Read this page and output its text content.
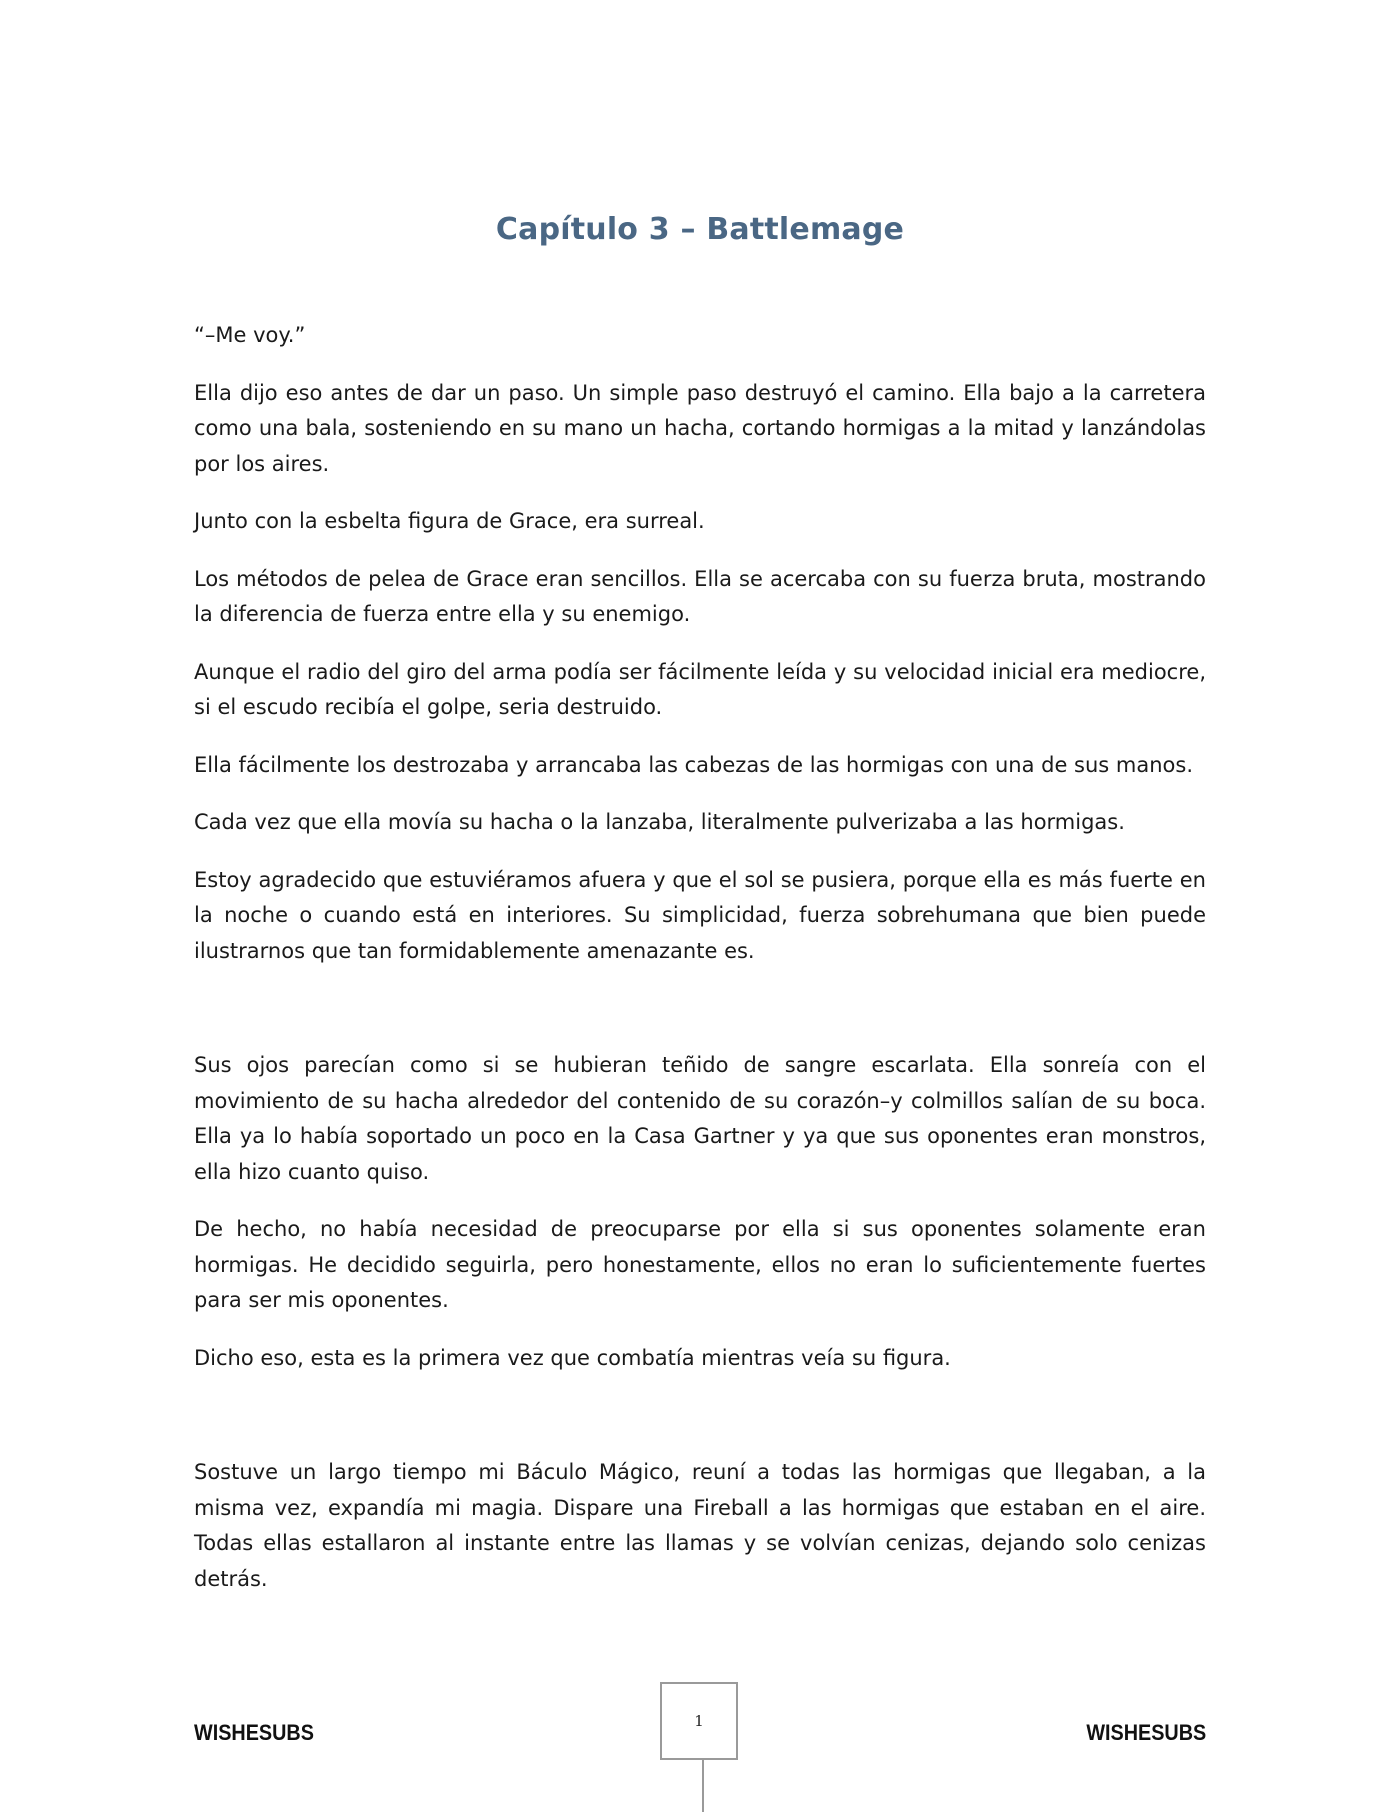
Capítulo 3 – Battlemage

“–Me voy.”

Ella dijo eso antes de dar un paso. Un simple paso destruyó el camino. Ella bajo a la carretera como una bala, sosteniendo en su mano un hacha, cortando hormigas a la mitad y lanzándolas por los aires.

Junto con la esbelta figura de Grace, era surreal.

Los métodos de pelea de Grace eran sencillos. Ella se acercaba con su fuerza bruta, mostrando la diferencia de fuerza entre ella y su enemigo.

Aunque el radio del giro del arma podía ser fácilmente leída y su velocidad inicial era mediocre, si el escudo recibía el golpe, seria destruido.

Ella fácilmente los destrozaba y arrancaba las cabezas de las hormigas con una de sus manos.

Cada vez que ella movía su hacha o la lanzaba, literalmente pulverizaba a las hormigas.

Estoy agradecido que estuviéramos afuera y que el sol se pusiera, porque ella es más fuerte en la noche o cuando está en interiores. Su simplicidad, fuerza sobrehumana que bien puede ilustrarnos que tan formidablemente amenazante es.

Sus ojos parecían como si se hubieran teñido de sangre escarlata. Ella sonreía con el movimiento de su hacha alrededor del contenido de su corazón–y colmillos salían de su boca. Ella ya lo había soportado un poco en la Casa Gartner y ya que sus oponentes eran monstros, ella hizo cuanto quiso.

De hecho, no había necesidad de preocuparse por ella si sus oponentes solamente eran hormigas. He decidido seguirla, pero honestamente, ellos no eran lo suficientemente fuertes para ser mis oponentes.

Dicho eso, esta es la primera vez que combatía mientras veía su figura.

Sostuve un largo tiempo mi Báculo Mágico, reuní a todas las hormigas que llegaban, a la misma vez, expandía mi magia. Dispare una Fireball a las hormigas que estaban en el aire. Todas ellas estallaron al instante entre las llamas y se volvían cenizas, dejando solo cenizas detrás.

WISHESUBS	1	WISHESUBS
